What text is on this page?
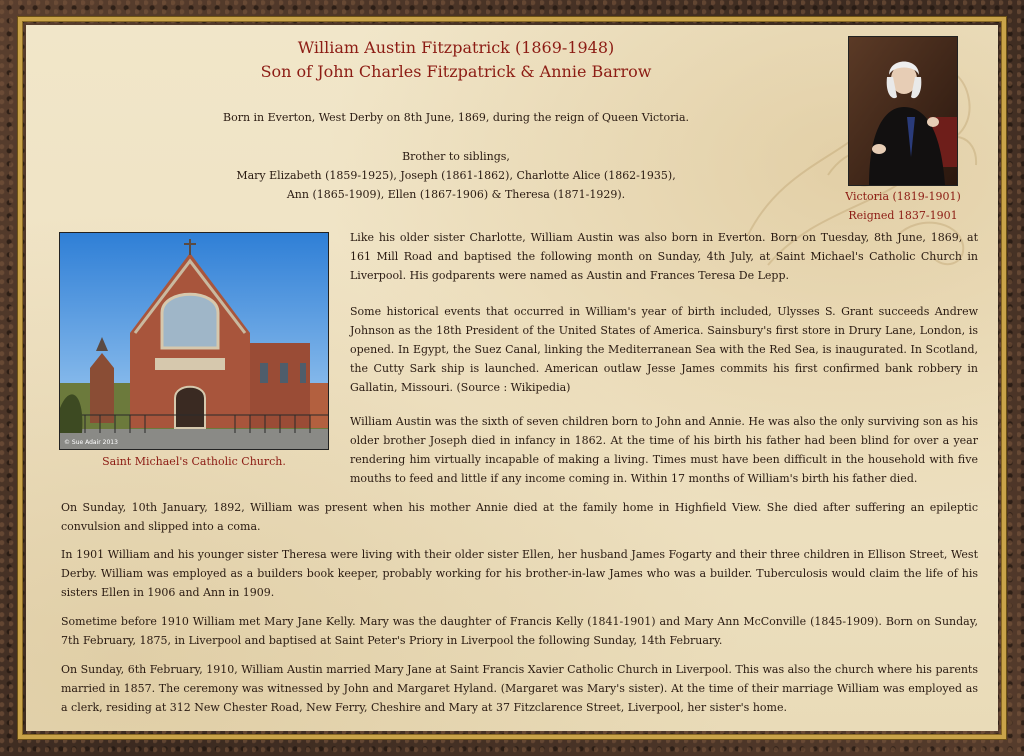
William Austin Fitzpatrick (1869-1948)
Son of John Charles Fitzpatrick & Annie Barrow
Born in Everton, West Derby on 8th June, 1869, during the reign of Queen Victoria.
Brother to siblings,
Mary Elizabeth (1859-1925), Joseph (1861-1862), Charlotte Alice (1862-1935),
Ann (1865-1909), Ellen (1867-1906) & Theresa (1871-1929).	Victoria (1819-1901)
Reigned 1837-1901
© Sue Adair 2013
Saint Michael's Catholic Church.
Like his older sister Charlotte, William Austin was also born in Everton. Born on Tuesday, 8th June, 1869, at 161 Mill Road and baptised the following month on Sunday, 4th July, at Saint Michael's Catholic Church in Liverpool. His godparents were named as Austin and Frances Teresa De Lepp.
Some historical events that occurred in William's year of birth included, Ulysses S. Grant succeeds Andrew Johnson as the 18th President of the United States of America. Sainsbury's first store in Drury Lane, London, is opened. In Egypt, the Suez Canal, linking the Mediterranean Sea with the Red Sea, is inaugurated. In Scotland, the Cutty Sark ship is launched. American outlaw Jesse James commits his first confirmed bank robbery in Gallatin, Missouri. (Source : Wikipedia)
William Austin was the sixth of seven children born to John and Annie. He was also the only surviving son as his older brother Joseph died in infancy in 1862. At the time of his birth his father had been blind for over a year rendering him virtually incapable of making a living. Times must have been difficult in the household with five mouths to feed and little if any income coming in. Within 17 months of William's birth his father died.
On Sunday, 10th January, 1892, William was present when his mother Annie died at the family home in Highfield View. She died after suffering an epileptic convulsion and slipped into a coma.
In 1901 William and his younger sister Theresa were living with their older sister Ellen, her husband James Fogarty and their three children in Ellison Street, West Derby. William was employed as a builders book keeper, probably working for his brother-in-law James who was a builder. Tuberculosis would claim the life of his sisters Ellen in 1906 and Ann in 1909.
Sometime before 1910 William met Mary Jane Kelly. Mary was the daughter of Francis Kelly (1841-1901) and Mary Ann McConville (1845-1909). Born on Sunday, 7th February, 1875, in Liverpool and baptised at Saint Peter's Priory in Liverpool the following Sunday, 14th February.
On Sunday, 6th February, 1910, William Austin married Mary Jane at Saint Francis Xavier Catholic Church in Liverpool. This was also the church where his parents married in 1857. The ceremony was witnessed by John and Margaret Hyland. (Margaret was Mary's sister). At the time of their marriage William was employed as a clerk, residing at 312 New Chester Road, New Ferry, Cheshire and Mary at 37 Fitzclarence Street, Liverpool, her sister's home.
